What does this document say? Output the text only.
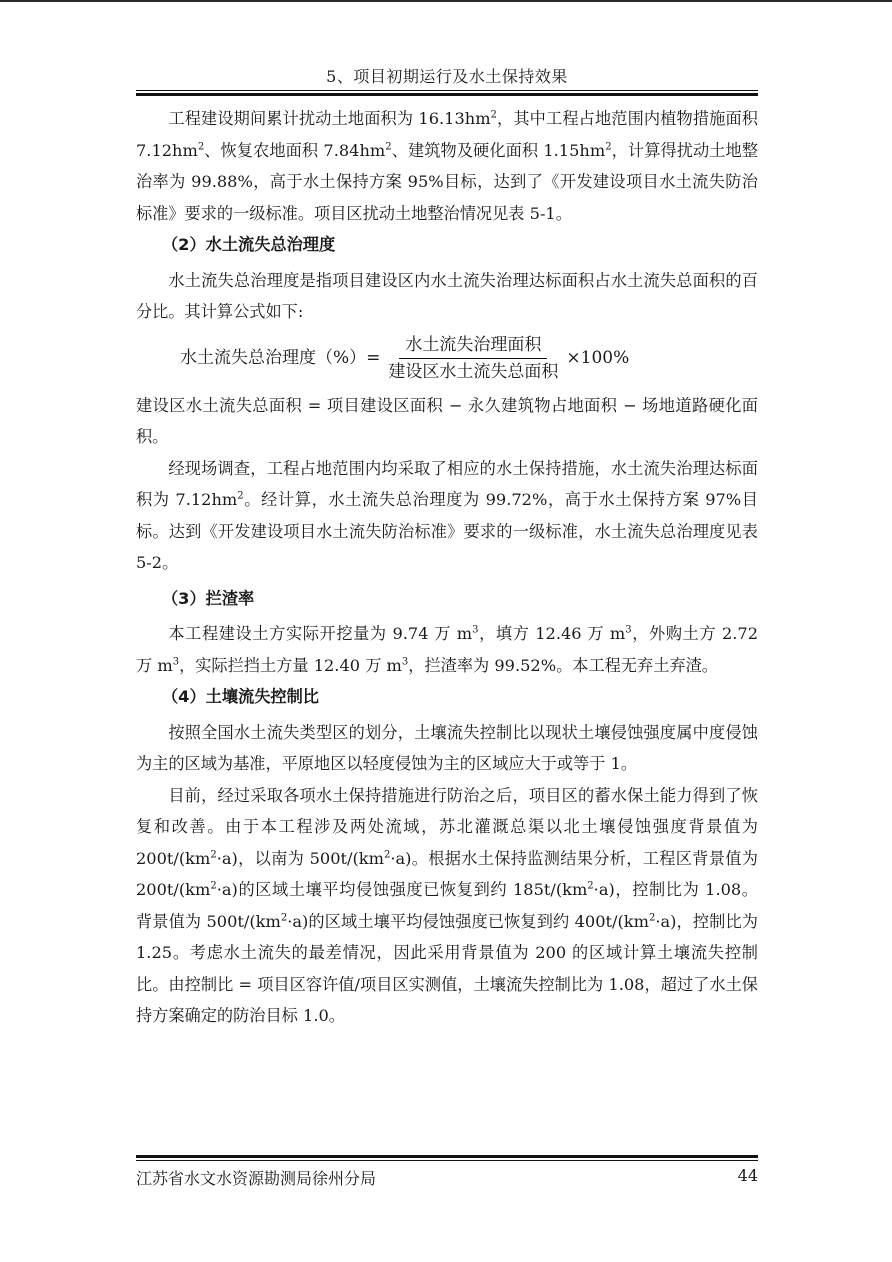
5、项目初期运行及水土保持效果

工程建设期间累计扰动土地面积为 $16.13hm^2$，其中工程占地范围内植物措施面积 $7.12hm^2$、恢复农地面积 $7.84hm^2$、建筑物及硬化面积 $1.15hm^2$，计算得扰动土地整治率为 99.88%，高于水土保持方案 95%目标，达到了《开发建设项目水土流失防治标准》要求的一级标准。项目区扰动土地整治情况见表 5-1。

（2）水土流失总治理度

水土流失总治理度是指项目建设区内水土流失治理达标面积占水土流失总面积的百分比。其计算公式如下:

水土流失总治理度（%）= $\frac{\text{水土流失治理面积}}{\text{建设区水土流失总面积}} \times 100\%$

建设区水土流失总面积 = 项目建设区面积 − 永久建筑物占地面积 − 场地道路硬化面积。

经现场调查，工程占地范围内均采取了相应的水土保持措施，水土流失治理达标面积为 $7.12hm^2$。经计算，水土流失总治理度为 99.72%，高于水土保持方案 97%目标。达到《开发建设项目水土流失防治标准》要求的一级标准，水土流失总治理度见表 5-2。

（3）拦渣率

本工程建设土方实际开挖量为 9.74 万 $m^3$，填方 12.46 万 $m^3$，外购土方 2.72 万 $m^3$，实际拦挡土方量 12.40 万 $m^3$，拦渣率为 99.52%。本工程无弃土弃渣。

（4）土壤流失控制比

按照全国水土流失类型区的划分，土壤流失控制比以现状土壤侵蚀强度属中度侵蚀为主的区域为基准，平原地区以轻度侵蚀为主的区域应大于或等于 1。

目前，经过采取各项水土保持措施进行防治之后，项目区的蓄水保土能力得到了恢复和改善。由于本工程涉及两处流域，苏北灌溉总渠以北土壤侵蚀强度背景值为 $200t/(km^2\cdot a)$，以南为 $500t/(km^2\cdot a)$。根据水土保持监测结果分析，工程区背景值为 $200t/(km^2\cdot a)$的区域土壤平均侵蚀强度已恢复到约 $185t/(km^2\cdot a)$，控制比为 1.08。背景值为 $500t/(km^2\cdot a)$的区域土壤平均侵蚀强度已恢复到约 $400t/(km^2\cdot a)$，控制比为 1.25。考虑水土流失的最差情况，因此采用背景值为 200 的区域计算土壤流失控制比。由控制比 = 项目区容许值/项目区实测值，土壤流失控制比为 1.08，超过了水土保持方案确定的防治目标 1.0。

江苏省水文水资源勘测局徐州分局	44
